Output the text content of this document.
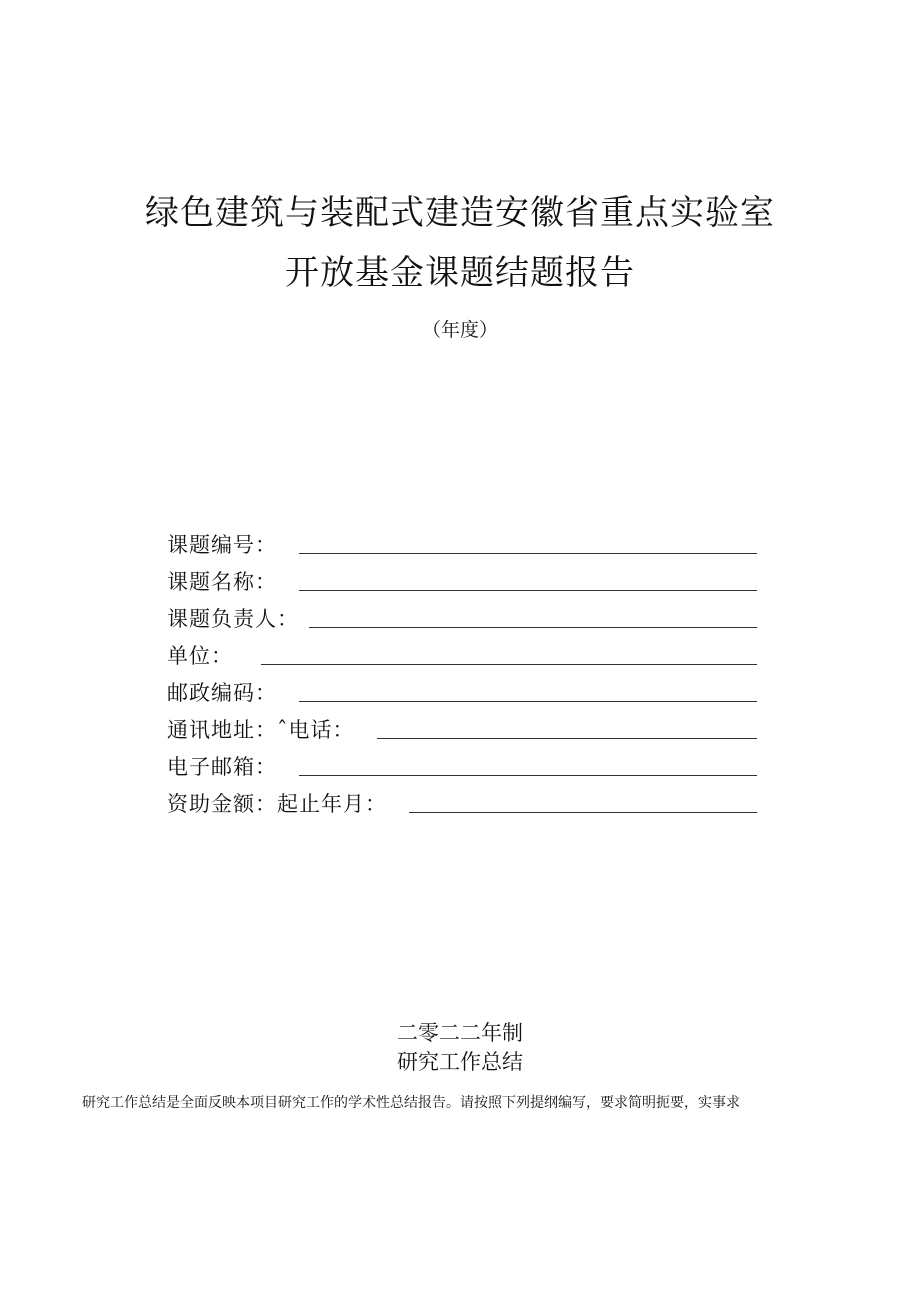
绿色建筑与装配式建造安徽省重点实验室
开放基金课题结题报告
（年度）
课题编号：
课题名称：
课题负责人：
单位：
邮政编码：
通讯地址：ˆ电话：
电子邮箱：
资助金额：起止年月：
二零二二年制
研究工作总结
研究工作总结是全面反映本项目研究工作的学术性总结报告。请按照下列提纲编写，要求简明扼要，实事求
